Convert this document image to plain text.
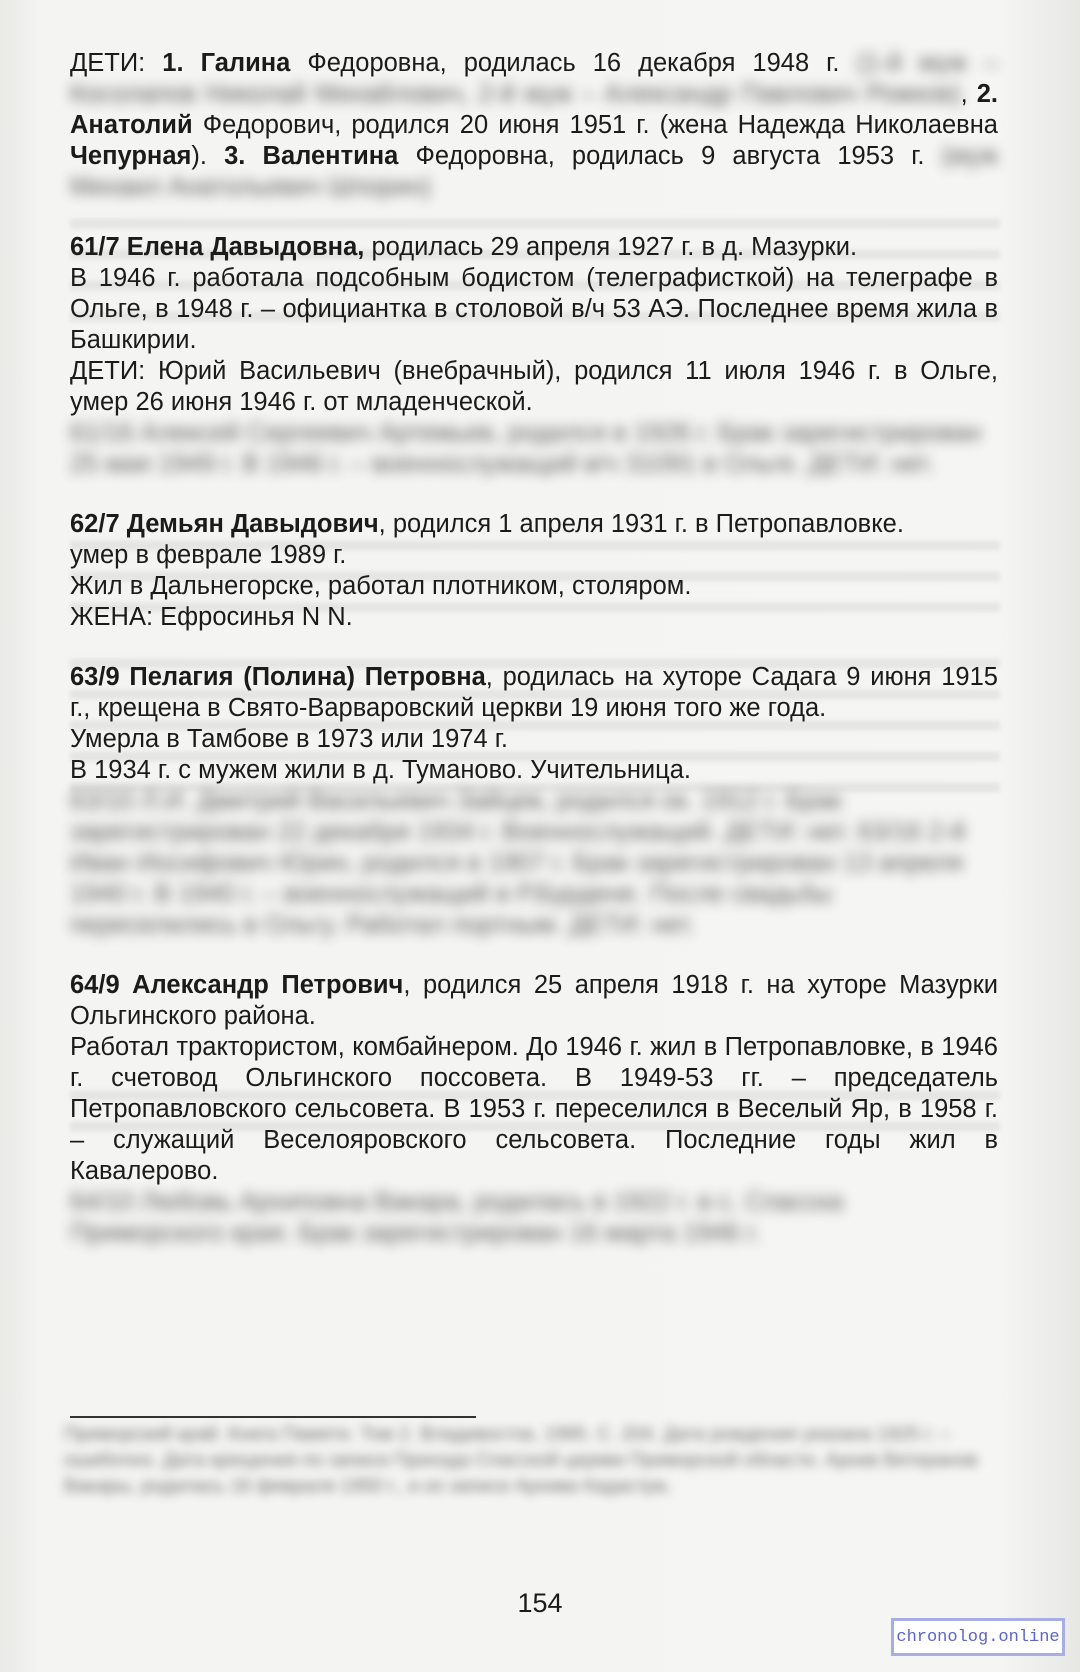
ДЕТИ: 1. Галина Федоровна, родилась 16 декабря 1948 г. (1-й муж – Косолапов Николай Михайлович, 2-й муж – Александр Павлович Рожков), 2. Анатолий Федорович, родился 20 июня 1951 г. (жена Надежда Николаевна Чепурная). 3. Валентина Федоровна, родилась 9 августа 1953 г. (муж Михаил Анатольевич Шпорин)

61/7 Елена Давыдовна, родилась 29 апреля 1927 г. в д. Мазурки.

В 1946 г. работала подсобным бодистом (телеграфисткой) на телеграфе в Ольге, в 1948 г. – официантка в столовой в/ч 53 АЭ. Последнее время жила в Башкирии.

ДЕТИ: Юрий Васильевич (внебрачный), родился 11 июля 1946 г. в Ольге, умер 26 июня 1946 г. от младенческой.

61/16 Алексей Сергеевич Артемьев, родился в 1926 г. Брак зарегистрирован 25 мая 1949 г. В 1946 г. – военнослужащий в/ч 31091 в Ольге. ДЕТИ: нет.

62/7 Демьян Давыдович, родился 1 апреля 1931 г. в Петропавловке.

умер в феврале 1989 г.

Жил в Дальнегорске, работал плотником, столяром.

ЖЕНА: Ефросинья N N.

63/9 Пелагия (Полина) Петровна, родилась на хуторе Садага 9 июня 1915 г., крещена в Свято-Варваровский церкви 19 июня того же года.

Умерла в Тамбове в 1973 или 1974 г.

В 1934 г. с мужем жили в д. Туманово. Учительница.

63/10 Л.И. Дмитрий Васильевич Зайцев, родился ок. 1912 г. Брак зарегистрирован 22 декабря 1934 г. Военнослужащий. ДЕТИ: нет. 63/16 2-й Иван Иосифович Юрин, родился в 1907 г. Брак зарегистрирован 13 апреля 1940 г. В 1940 г. – военнослужащий в Р.Бурдене. После свадьбы переселились в Ольгу. Работал портным. ДЕТИ: нет.

64/9 Александр Петрович, родился 25 апреля 1918 г. на хуторе Мазурки Ольгинского района.

Работал трактористом, комбайнером. До 1946 г. жил в Петропавловке, в 1946 г. счетовод Ольгинского поссовета. В 1949-53 гг. – председатель Петропавловского сельсовета. В 1953 г. переселился в Веселый Яр, в 1958 г. – служащий Веселояровского сельсовета. Последние годы жил в Кавалерово.

64/10 Любовь Архиповна Вакара, родилась в 1922 г. в с. Спасска Приморского края. Брак зарегистрирован 16 марта 1946 г.
Приморский край. Книга Памяти. Том 2. Владивосток, 1995. С. 204. Дата рождения указана 1925 г. – ошибочно. Дата крещения по записи Прихода Спасской церкви Приморской области. Архив Ветеранов Вакары, родилась 16 февраля 1950 г., и из записи Архива Кадастра.
154
chronolog.online
